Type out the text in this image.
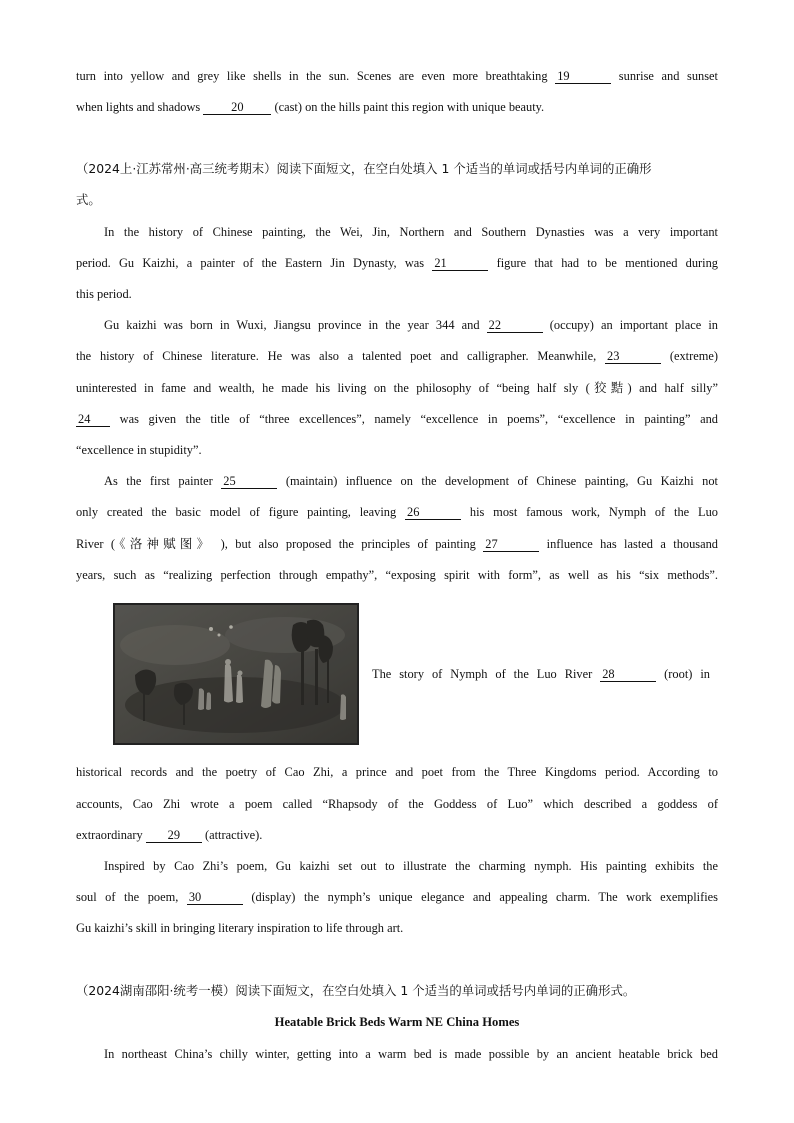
turn into yellow and grey like shells in the sun. Scenes are even more breathtaking 19	sunrise and sunset
when lights and shadows 20 (cast) on the hills paint this region with unique beauty.
（2024上·江苏常州·高三统考期末）阅读下面短文，在空白处填入 1 个适当的单词或括号内单词的正确形
式。
In the history of Chinese painting, the Wei, Jin, Northern and Southern Dynasties was a very important
period. Gu Kaizhi, a painter of the Eastern Jin Dynasty, was 21	figure that had to be mentioned during
this period.
Gu kaizhi was born in Wuxi, Jiangsu province in the year 344 and 22	(occupy) an important place in
the history of Chinese literature. He was also a talented poet and calligrapher. Meanwhile, 23	(extreme)
uninterested in fame and wealth, he made his living on the philosophy of “being half sly (狡黠) and half silly”
24 was given the title of “three excellences”, namely “excellence in poems”, “excellence in painting” and
“excellence in stupidity”.
As the first painter 25	(maintain) influence on the development of Chinese painting, Gu Kaizhi not
only created the basic model of figure painting, leaving 26	his most famous work, Nymph of the Luo
River (《洛神赋图》 ), but also proposed the principles of painting 27	influence has lasted a thousand
years, such as “realizing perfection through empathy”, “exposing spirit with form”, as well as his “six methods”.
The story of Nymph of the Luo River 28	(root) in
historical records and the poetry of Cao Zhi, a prince and poet from the Three Kingdoms period. According to
accounts, Cao Zhi wrote a poem called “Rhapsody of the Goddess of Luo” which described a goddess of
extraordinary 29 (attractive).
Inspired by Cao Zhi’s poem, Gu kaizhi set out to illustrate the charming nymph. His painting exhibits the
soul of the poem, 30	(display) the nymph’s unique elegance and appealing charm. The work exemplifies
Gu kaizhi’s skill in bringing literary inspiration to life through art.
（2024湖南邵阳·统考一模）阅读下面短文，在空白处填入 1 个适当的单词或括号内单词的正确形式。
Heatable Brick Beds Warm NE China Homes
In northeast China’s chilly winter, getting into a warm bed is made possible by an ancient heatable brick bed
